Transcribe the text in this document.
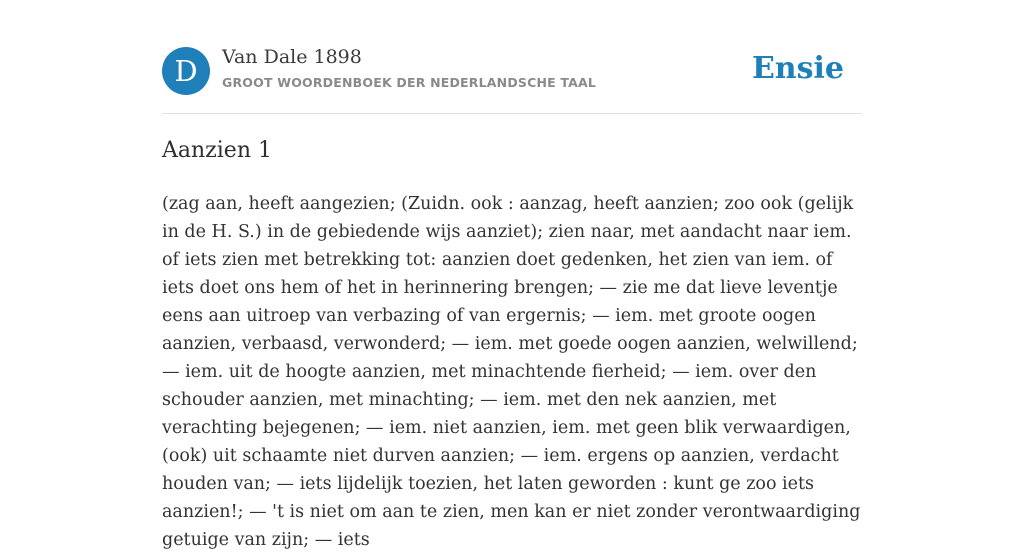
D	Van Dale 1898
GROOT WOORDENBOEK DER NEDERLANDSCHE TAAL	Ensie
Aanzien 1

(zag aan, heeft aangezien; (Zuidn. ook : aanzag, heeft aanzien; zoo ook (gelijk in de H. S.) in de gebiedende wijs aanziet); zien naar, met aandacht naar iem. of iets zien met betrekking tot: aanzien doet gedenken, het zien van iem. of iets doet ons hem of het in herinnering brengen; — zie me dat lieve leventje eens aan uitroep van verbazing of van ergernis; — iem. met groote oogen aanzien, verbaasd, verwonderd; — iem. met goede oogen aanzien, welwillend; — iem. uit de hoogte aanzien, met minachtende fierheid; — iem. over den schouder aanzien, met minachting; — iem. met den nek aanzien, met verachting bejegenen; — iem. niet aanzien, iem. met geen blik verwaardigen, (ook) uit schaamte niet durven aanzien; — iem. ergens op aanzien, verdacht houden van; — iets lijdelijk toezien, het laten geworden : kunt ge zoo iets aanzien!; — 't is niet om aan te zien, men kan er niet zonder verontwaardiging getuige van zijn; — iets
